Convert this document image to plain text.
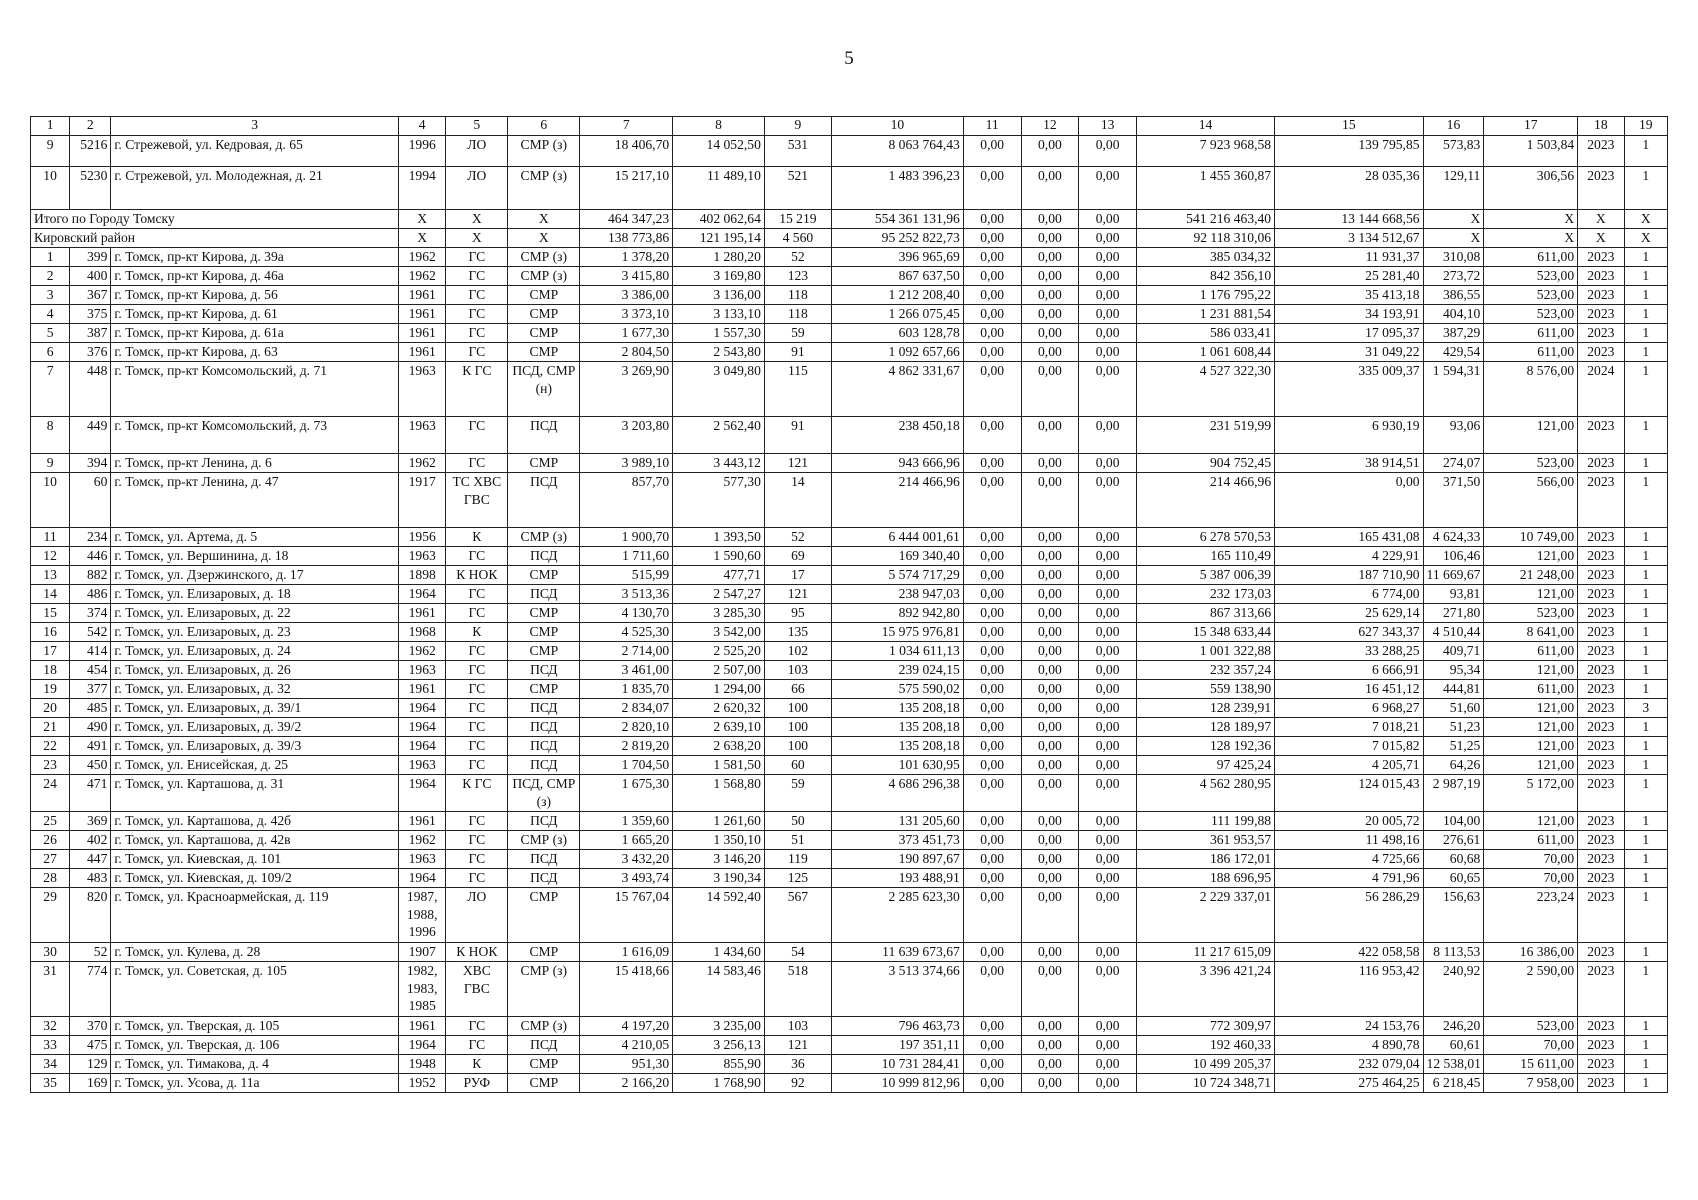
5
1	2	3	4	5	6	7	8	9	10	11	12	13	14	15	16	17	18	19
9	5216	г. Стрежевой, ул. Кедровая, д. 65	1996	ЛО	СМР (з)	18 406,70	14 052,50	531	8 063 764,43	0,00	0,00	0,00	7 923 968,58	139 795,85	573,83	1 503,84	2023	1
10	5230	г. Стрежевой, ул. Молодежная, д. 21	1994	ЛО	СМР (з)	15 217,10	11 489,10	521	1 483 396,23	0,00	0,00	0,00	1 455 360,87	28 035,36	129,11	306,56	2023	1
Итого по Городу Томску			Х	Х	Х	464 347,23	402 062,64	15 219	554 361 131,96	0,00	0,00	0,00	541 216 463,40	13 144 668,56	Х	Х	Х	Х
Кировский район			Х	Х	Х	138 773,86	121 195,14	4 560	95 252 822,73	0,00	0,00	0,00	92 118 310,06	3 134 512,67	Х	Х	Х	Х
1	399	г. Томск, пр-кт Кирова, д. 39а	1962	ГС	СМР (з)	1 378,20	1 280,20	52	396 965,69	0,00	0,00	0,00	385 034,32	11 931,37	310,08	611,00	2023	1
2	400	г. Томск, пр-кт Кирова, д. 46а	1962	ГС	СМР (з)	3 415,80	3 169,80	123	867 637,50	0,00	0,00	0,00	842 356,10	25 281,40	273,72	523,00	2023	1
3	367	г. Томск, пр-кт Кирова, д. 56	1961	ГС	СМР	3 386,00	3 136,00	118	1 212 208,40	0,00	0,00	0,00	1 176 795,22	35 413,18	386,55	523,00	2023	1
4	375	г. Томск, пр-кт Кирова, д. 61	1961	ГС	СМР	3 373,10	3 133,10	118	1 266 075,45	0,00	0,00	0,00	1 231 881,54	34 193,91	404,10	523,00	2023	1
5	387	г. Томск, пр-кт Кирова, д. 61а	1961	ГС	СМР	1 677,30	1 557,30	59	603 128,78	0,00	0,00	0,00	586 033,41	17 095,37	387,29	611,00	2023	1
6	376	г. Томск, пр-кт Кирова, д. 63	1961	ГС	СМР	2 804,50	2 543,80	91	1 092 657,66	0,00	0,00	0,00	1 061 608,44	31 049,22	429,54	611,00	2023	1
7	448	г. Томск, пр-кт Комсомольский, д. 71	1963	К ГС	ПСД, СМР (н)	3 269,90	3 049,80	115	4 862 331,67	0,00	0,00	0,00	4 527 322,30	335 009,37	1 594,31	8 576,00	2024	1
8	449	г. Томск, пр-кт Комсомольский, д. 73	1963	ГС	ПСД	3 203,80	2 562,40	91	238 450,18	0,00	0,00	0,00	231 519,99	6 930,19	93,06	121,00	2023	1
9	394	г. Томск, пр-кт Ленина, д. 6	1962	ГС	СМР	3 989,10	3 443,12	121	943 666,96	0,00	0,00	0,00	904 752,45	38 914,51	274,07	523,00	2023	1
10	60	г. Томск, пр-кт Ленина, д. 47	1917	ТС ХВС ГВС	ПСД	857,70	577,30	14	214 466,96	0,00	0,00	0,00	214 466,96	0,00	371,50	566,00	2023	1
11	234	г. Томск, ул. Артема, д. 5	1956	К	СМР (з)	1 900,70	1 393,50	52	6 444 001,61	0,00	0,00	0,00	6 278 570,53	165 431,08	4 624,33	10 749,00	2023	1
12	446	г. Томск, ул. Вершинина, д. 18	1963	ГС	ПСД	1 711,60	1 590,60	69	169 340,40	0,00	0,00	0,00	165 110,49	4 229,91	106,46	121,00	2023	1
13	882	г. Томск, ул. Дзержинского, д. 17	1898	К НОК	СМР	515,99	477,71	17	5 574 717,29	0,00	0,00	0,00	5 387 006,39	187 710,90	11 669,67	21 248,00	2023	1
14	486	г. Томск, ул. Елизаровых, д. 18	1964	ГС	ПСД	3 513,36	2 547,27	121	238 947,03	0,00	0,00	0,00	232 173,03	6 774,00	93,81	121,00	2023	1
15	374	г. Томск, ул. Елизаровых, д. 22	1961	ГС	СМР	4 130,70	3 285,30	95	892 942,80	0,00	0,00	0,00	867 313,66	25 629,14	271,80	523,00	2023	1
16	542	г. Томск, ул. Елизаровых, д. 23	1968	К	СМР	4 525,30	3 542,00	135	15 975 976,81	0,00	0,00	0,00	15 348 633,44	627 343,37	4 510,44	8 641,00	2023	1
17	414	г. Томск, ул. Елизаровых, д. 24	1962	ГС	СМР	2 714,00	2 525,20	102	1 034 611,13	0,00	0,00	0,00	1 001 322,88	33 288,25	409,71	611,00	2023	1
18	454	г. Томск, ул. Елизаровых, д. 26	1963	ГС	ПСД	3 461,00	2 507,00	103	239 024,15	0,00	0,00	0,00	232 357,24	6 666,91	95,34	121,00	2023	1
19	377	г. Томск, ул. Елизаровых, д. 32	1961	ГС	СМР	1 835,70	1 294,00	66	575 590,02	0,00	0,00	0,00	559 138,90	16 451,12	444,81	611,00	2023	1
20	485	г. Томск, ул. Елизаровых, д. 39/1	1964	ГС	ПСД	2 834,07	2 620,32	100	135 208,18	0,00	0,00	0,00	128 239,91	6 968,27	51,60	121,00	2023	3
21	490	г. Томск, ул. Елизаровых, д. 39/2	1964	ГС	ПСД	2 820,10	2 639,10	100	135 208,18	0,00	0,00	0,00	128 189,97	7 018,21	51,23	121,00	2023	1
22	491	г. Томск, ул. Елизаровых, д. 39/3	1964	ГС	ПСД	2 819,20	2 638,20	100	135 208,18	0,00	0,00	0,00	128 192,36	7 015,82	51,25	121,00	2023	1
23	450	г. Томск, ул. Енисейская, д. 25	1963	ГС	ПСД	1 704,50	1 581,50	60	101 630,95	0,00	0,00	0,00	97 425,24	4 205,71	64,26	121,00	2023	1
24	471	г. Томск, ул. Карташова, д. 31	1964	К ГС	ПСД, СМР (з)	1 675,30	1 568,80	59	4 686 296,38	0,00	0,00	0,00	4 562 280,95	124 015,43	2 987,19	5 172,00	2023	1
25	369	г. Томск, ул. Карташова, д. 42б	1961	ГС	ПСД	1 359,60	1 261,60	50	131 205,60	0,00	0,00	0,00	111 199,88	20 005,72	104,00	121,00	2023	1
26	402	г. Томск, ул. Карташова, д. 42в	1962	ГС	СМР (з)	1 665,20	1 350,10	51	373 451,73	0,00	0,00	0,00	361 953,57	11 498,16	276,61	611,00	2023	1
27	447	г. Томск, ул. Киевская, д. 101	1963	ГС	ПСД	3 432,20	3 146,20	119	190 897,67	0,00	0,00	0,00	186 172,01	4 725,66	60,68	70,00	2023	1
28	483	г. Томск, ул. Киевская, д. 109/2	1964	ГС	ПСД	3 493,74	3 190,34	125	193 488,91	0,00	0,00	0,00	188 696,95	4 791,96	60,65	70,00	2023	1
29	820	г. Томск, ул. Красноармейская, д. 119	1987, 1988, 1996	ЛО	СМР	15 767,04	14 592,40	567	2 285 623,30	0,00	0,00	0,00	2 229 337,01	56 286,29	156,63	223,24	2023	1
30	52	г. Томск, ул. Кулева, д. 28	1907	К НОК	СМР	1 616,09	1 434,60	54	11 639 673,67	0,00	0,00	0,00	11 217 615,09	422 058,58	8 113,53	16 386,00	2023	1
31	774	г. Томск, ул. Советская, д. 105	1982, 1983, 1985	ХВС ГВС	СМР (з)	15 418,66	14 583,46	518	3 513 374,66	0,00	0,00	0,00	3 396 421,24	116 953,42	240,92	2 590,00	2023	1
32	370	г. Томск, ул. Тверская, д. 105	1961	ГС	СМР (з)	4 197,20	3 235,00	103	796 463,73	0,00	0,00	0,00	772 309,97	24 153,76	246,20	523,00	2023	1
33	475	г. Томск, ул. Тверская, д. 106	1964	ГС	ПСД	4 210,05	3 256,13	121	197 351,11	0,00	0,00	0,00	192 460,33	4 890,78	60,61	70,00	2023	1
34	129	г. Томск, ул. Тимакова, д. 4	1948	К	СМР	951,30	855,90	36	10 731 284,41	0,00	0,00	0,00	10 499 205,37	232 079,04	12 538,01	15 611,00	2023	1
35	169	г. Томск, ул. Усова, д. 11а	1952	РУФ	СМР	2 166,20	1 768,90	92	10 999 812,96	0,00	0,00	0,00	10 724 348,71	275 464,25	6 218,45	7 958,00	2023	1
